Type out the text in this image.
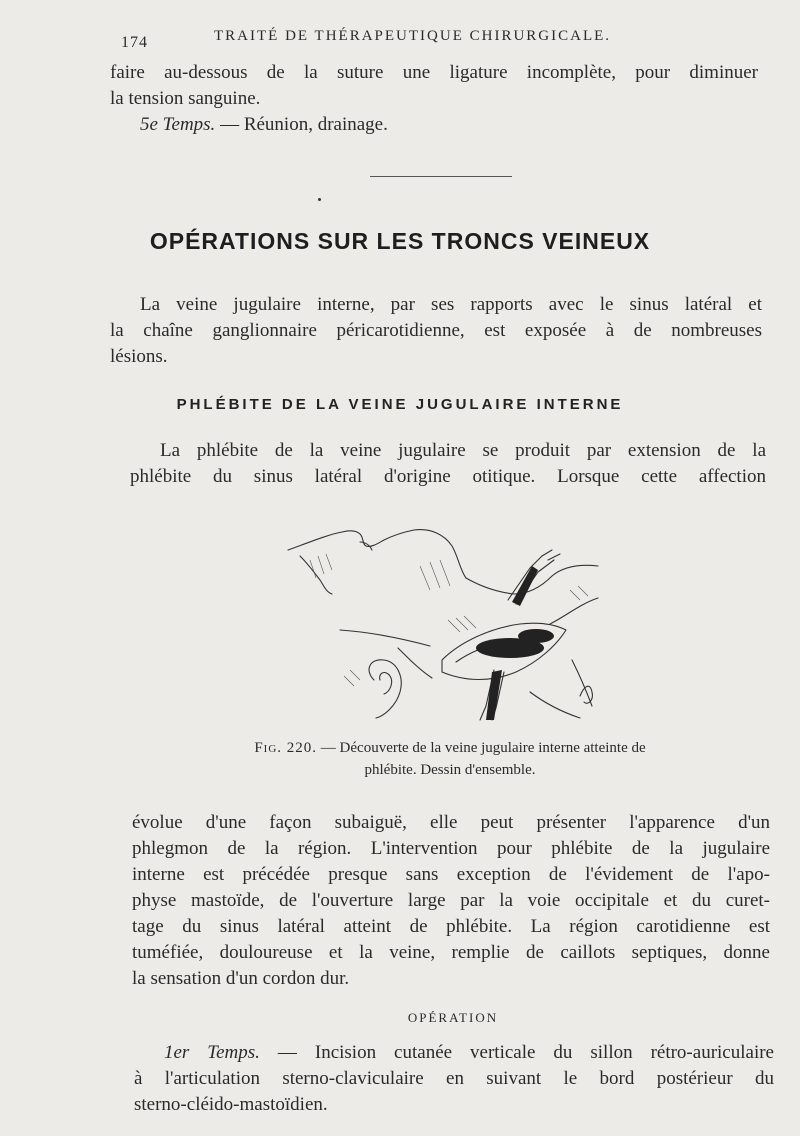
174	TRAITÉ DE THÉRAPEUTIQUE CHIRURGICALE.
faire au-dessous de la suture une ligature incomplète, pour diminuer
la tension sanguine.
5e Temps. — Réunion, drainage.
OPÉRATIONS SUR LES TRONCS VEINEUX
La veine jugulaire interne, par ses rapports avec le sinus latéral et
la chaîne ganglionnaire péricarotidienne, est exposée à de nombreuses
lésions.
PHLÉBITE DE LA VEINE JUGULAIRE INTERNE
La phlébite de la veine jugulaire se produit par extension de la
phlébite du sinus latéral d'origine otitique. Lorsque cette affection
Fig. 220. — Découverte de la veine jugulaire interne atteinte de
phlébite. Dessin d'ensemble.
évolue d'une façon subaiguë, elle peut présenter l'apparence d'un
phlegmon de la région. L'intervention pour phlébite de la jugulaire
interne est précédée presque sans exception de l'évidement de l'apo-
physe mastoïde, de l'ouverture large par la voie occipitale et du curet-
tage du sinus latéral atteint de phlébite. La région carotidienne est
tuméfiée, douloureuse et la veine, remplie de caillots septiques, donne
la sensation d'un cordon dur.
OPÉRATION
1er Temps. — Incision cutanée verticale du sillon rétro-auriculaire
à l'articulation sterno-claviculaire en suivant le bord postérieur du
sterno-cléido-mastoïdien.
